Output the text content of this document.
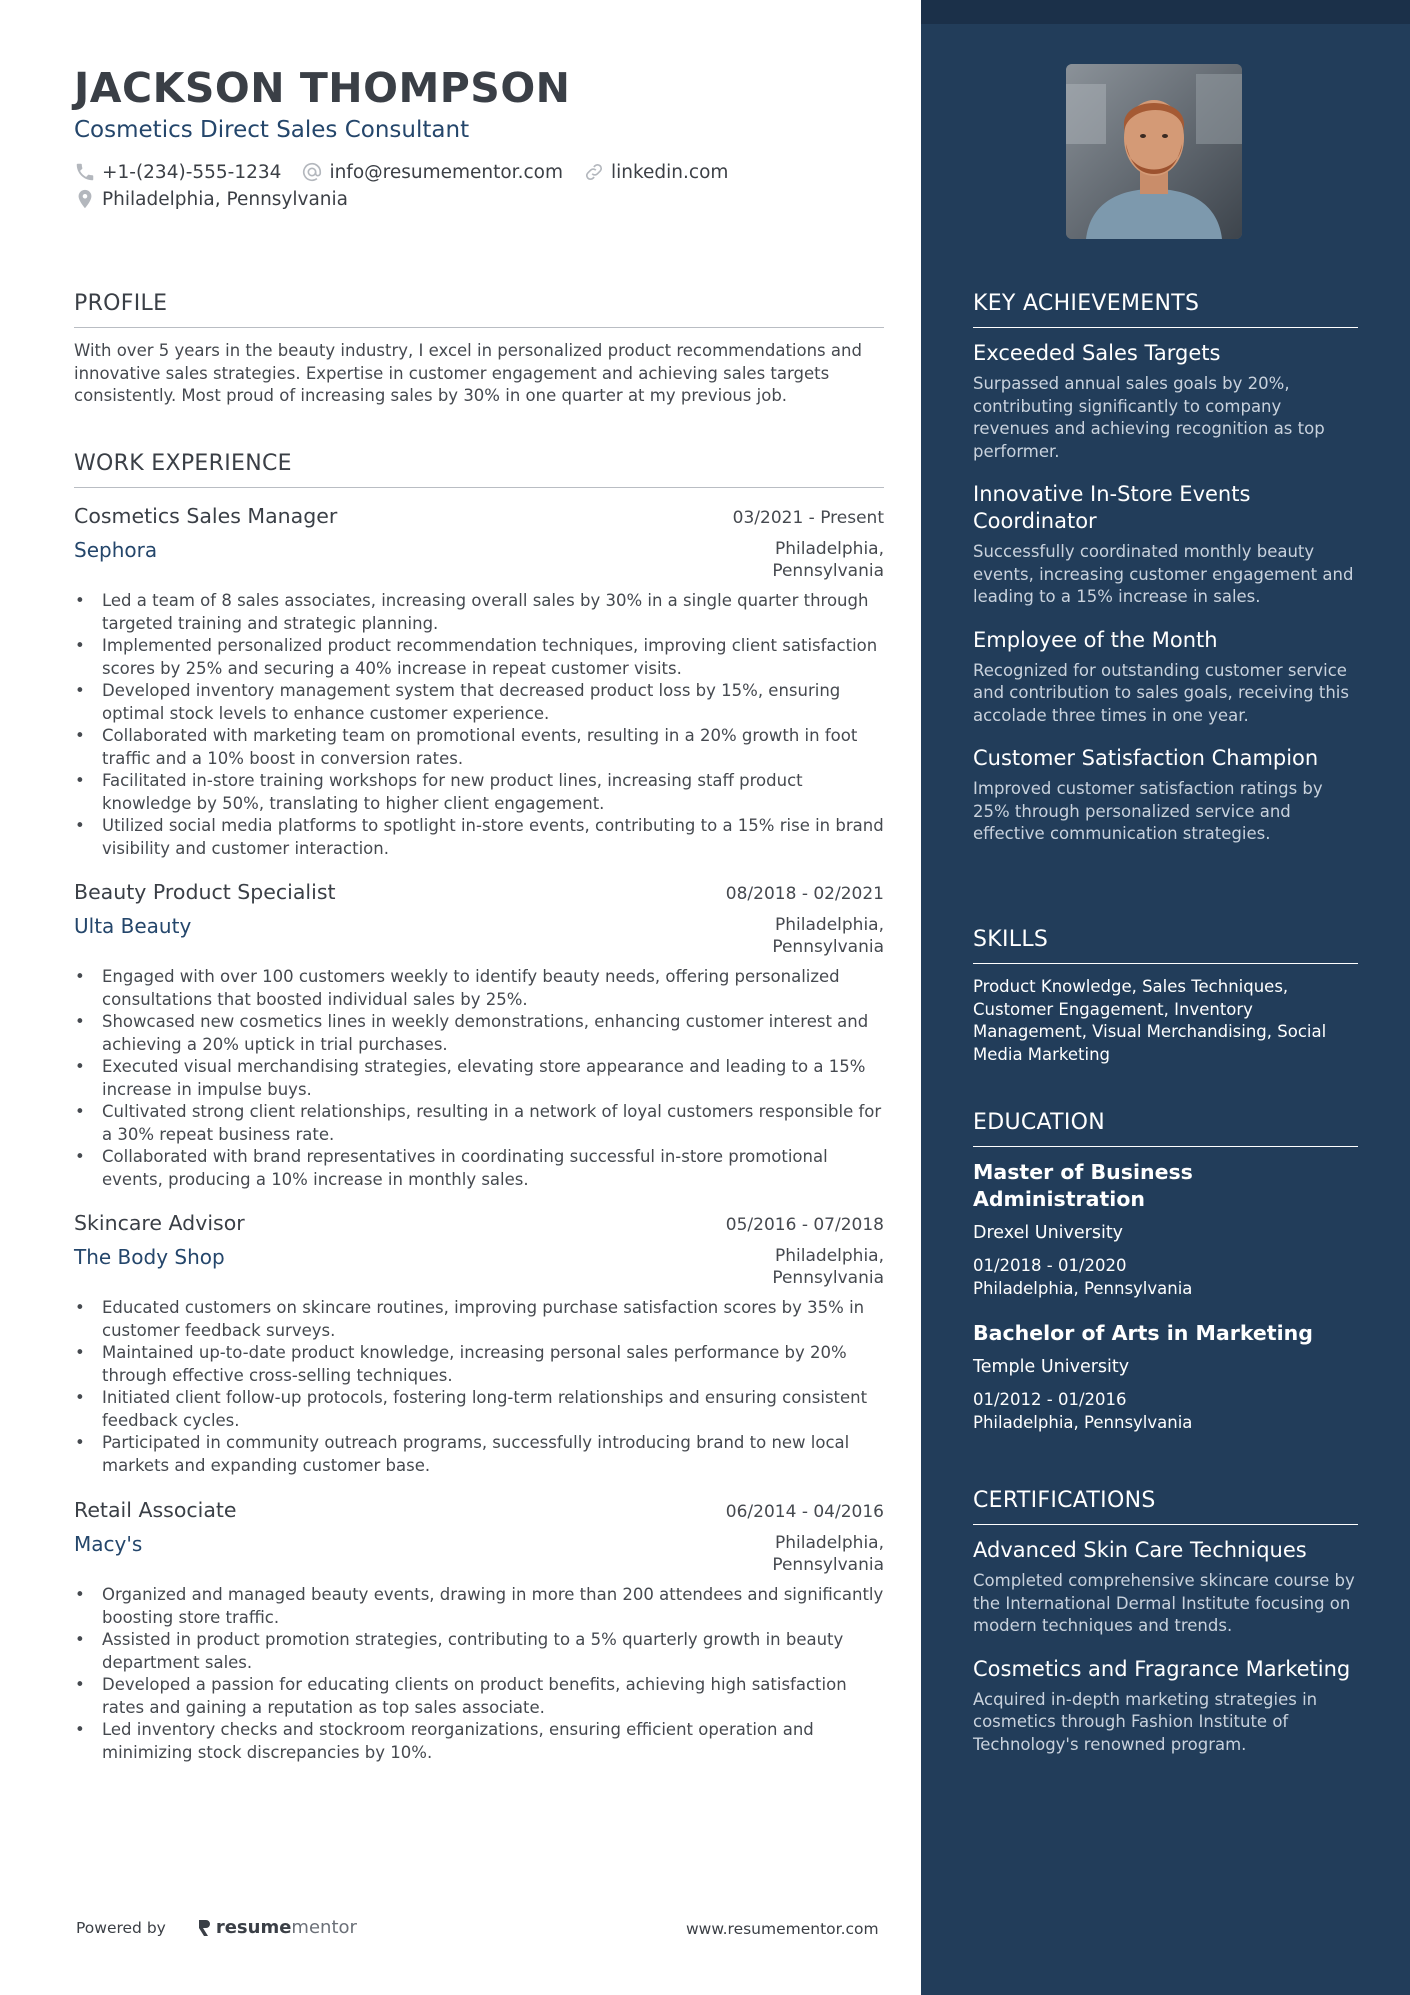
JACKSON THOMPSON
Cosmetics Direct Sales Consultant
+1-(234)-555-1234	info@resumementor.com	linkedin.com
Philadelphia, Pennsylvania
PROFILE
With over 5 years in the beauty industry, I excel in personalized product recommendations and innovative sales strategies. Expertise in customer engagement and achieving sales targets consistently. Most proud of increasing sales by 30% in one quarter at my previous job.
WORK EXPERIENCE
Cosmetics Sales Manager	03/2021 - Present
Sephora	Philadelphia, Pennsylvania
• Led a team of 8 sales associates, increasing overall sales by 30% in a single quarter through targeted training and strategic planning.
• Implemented personalized product recommendation techniques, improving client satisfaction scores by 25% and securing a 40% increase in repeat customer visits.
• Developed inventory management system that decreased product loss by 15%, ensuring optimal stock levels to enhance customer experience.
• Collaborated with marketing team on promotional events, resulting in a 20% growth in foot traffic and a 10% boost in conversion rates.
• Facilitated in-store training workshops for new product lines, increasing staff product knowledge by 50%, translating to higher client engagement.
• Utilized social media platforms to spotlight in-store events, contributing to a 15% rise in brand visibility and customer interaction.
Beauty Product Specialist	08/2018 - 02/2021
Ulta Beauty	Philadelphia, Pennsylvania
• Engaged with over 100 customers weekly to identify beauty needs, offering personalized consultations that boosted individual sales by 25%.
• Showcased new cosmetics lines in weekly demonstrations, enhancing customer interest and achieving a 20% uptick in trial purchases.
• Executed visual merchandising strategies, elevating store appearance and leading to a 15% increase in impulse buys.
• Cultivated strong client relationships, resulting in a network of loyal customers responsible for a 30% repeat business rate.
• Collaborated with brand representatives in coordinating successful in-store promotional events, producing a 10% increase in monthly sales.
Skincare Advisor	05/2016 - 07/2018
The Body Shop	Philadelphia, Pennsylvania
• Educated customers on skincare routines, improving purchase satisfaction scores by 35% in customer feedback surveys.
• Maintained up-to-date product knowledge, increasing personal sales performance by 20% through effective cross-selling techniques.
• Initiated client follow-up protocols, fostering long-term relationships and ensuring consistent feedback cycles.
• Participated in community outreach programs, successfully introducing brand to new local markets and expanding customer base.
Retail Associate	06/2014 - 04/2016
Macy's	Philadelphia, Pennsylvania
• Organized and managed beauty events, drawing in more than 200 attendees and significantly boosting store traffic.
• Assisted in product promotion strategies, contributing to a 5% quarterly growth in beauty department sales.
• Developed a passion for educating clients on product benefits, achieving high satisfaction rates and gaining a reputation as top sales associate.
• Led inventory checks and stockroom reorganizations, ensuring efficient operation and minimizing stock discrepancies by 10%.
Powered by	resume mentor	www.resumementor.com
KEY ACHIEVEMENTS
Exceeded Sales Targets
Surpassed annual sales goals by 20%, contributing significantly to company revenues and achieving recognition as top performer.
Innovative In-Store Events Coordinator
Successfully coordinated monthly beauty events, increasing customer engagement and leading to a 15% increase in sales.
Employee of the Month
Recognized for outstanding customer service and contribution to sales goals, receiving this accolade three times in one year.
Customer Satisfaction Champion
Improved customer satisfaction ratings by 25% through personalized service and effective communication strategies.
SKILLS
Product Knowledge, Sales Techniques, Customer Engagement, Inventory Management, Visual Merchandising, Social Media Marketing
EDUCATION
Master of Business Administration
Drexel University
01/2018 - 01/2020
Philadelphia, Pennsylvania
Bachelor of Arts in Marketing
Temple University
01/2012 - 01/2016
Philadelphia, Pennsylvania
CERTIFICATIONS
Advanced Skin Care Techniques
Completed comprehensive skincare course by the International Dermal Institute focusing on modern techniques and trends.
Cosmetics and Fragrance Marketing
Acquired in-depth marketing strategies in cosmetics through Fashion Institute of Technology's renowned program.
